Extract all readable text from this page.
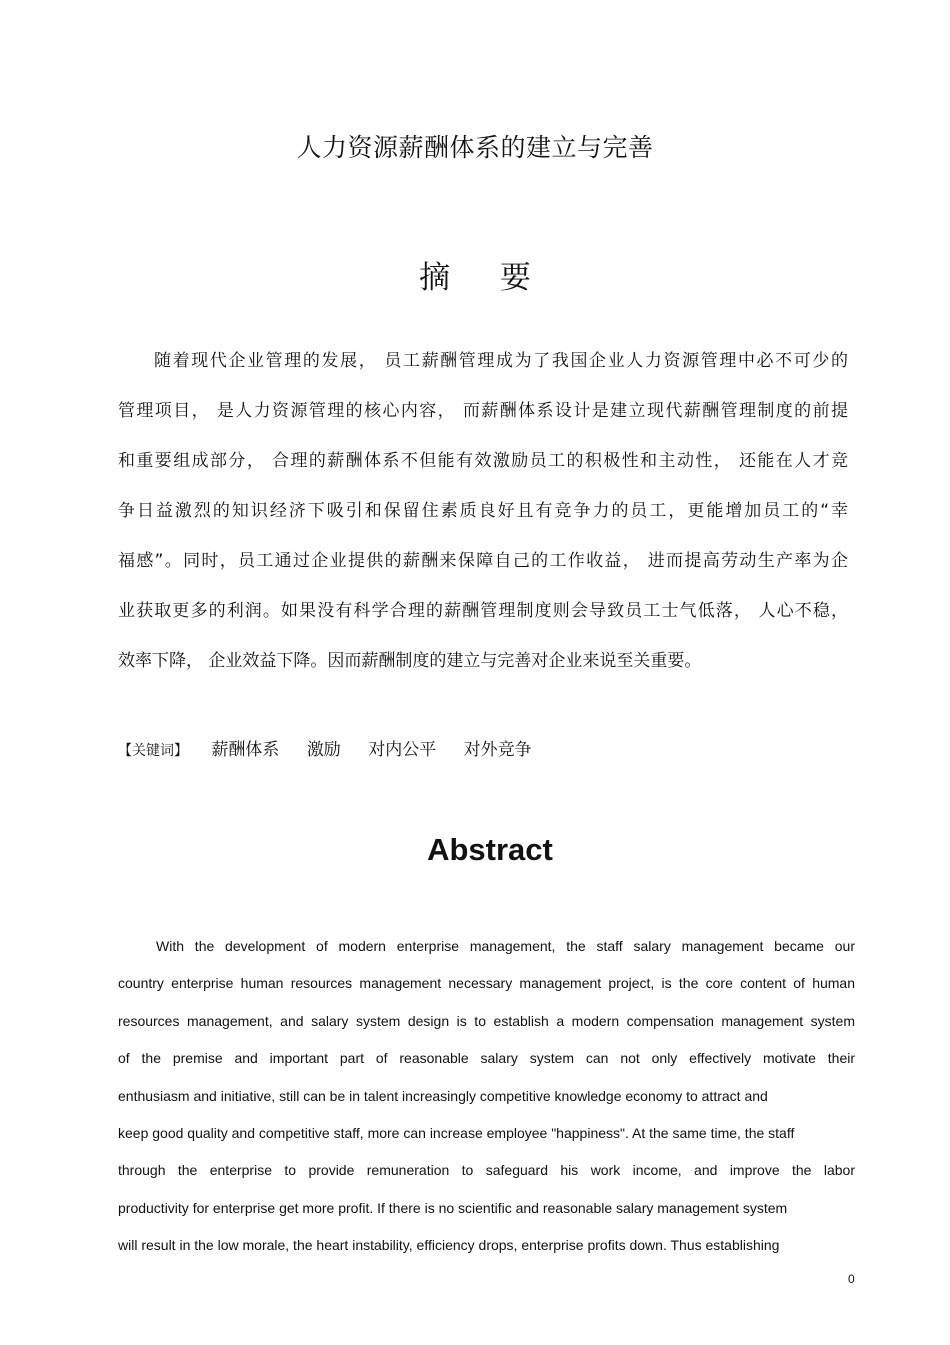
人力资源薪酬体系的建立与完善
摘 要

随着现代企业管理的发展， 员工薪酬管理成为了我国企业人力资源管理中必不可少的
管理项目， 是人力资源管理的核心内容， 而薪酬体系设计是建立现代薪酬管理制度的前提
和重要组成部分， 合理的薪酬体系不但能有效激励员工的积极性和主动性， 还能在人才竞
争日益激烈的知识经济下吸引和保留住素质良好且有竞争力的员工，更能增加员工的“幸
福感”。同时，员工通过企业提供的薪酬来保障自己的工作收益， 进而提高劳动生产率为企
业获取更多的利润。如果没有科学合理的薪酬管理制度则会导致员工士气低落， 人心不稳，
效率下降， 企业效益下降。因而薪酬制度的建立与完善对企业来说至关重要。

【关键词】 薪酬体系 激励 对内公平 对外竞争
Abstract

With the development of modern enterprise management, the staff salary management became our
country enterprise human resources management necessary management project, is the core content of human
resources management, and salary system design is to establish a modern compensation management system
of the premise and important part of reasonable salary system can not only effectively motivate their
enthusiasm and initiative, still can be in talent increasingly competitive knowledge economy to attract and
keep good quality and competitive staff, more can increase employee "happiness". At the same time, the staff
through the enterprise to provide remuneration to safeguard his work income, and improve the labor
productivity for enterprise get more profit. If there is no scientific and reasonable salary management system
will result in the low morale, the heart instability, efficiency drops, enterprise profits down. Thus establishing

0
